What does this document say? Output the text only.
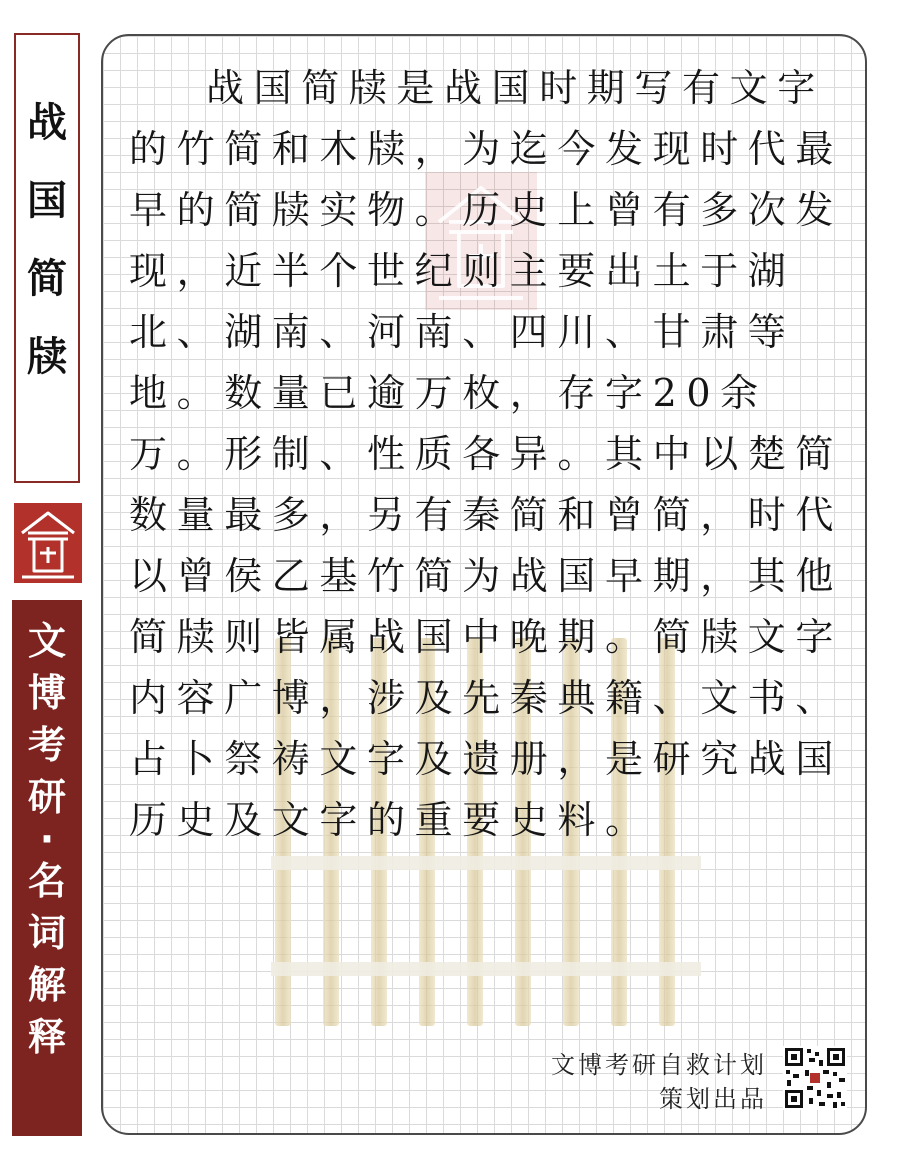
战
国
简
牍
文
博
考
研
·
名
词
解
释

战国简牍是战国时期写有文字的竹简和木牍，为迄今发现时代最早的简牍实物。历史上曾有多次发现，近半个世纪则主要出土于湖北、湖南、河南、四川、甘肃等地。数量已逾万枚，存字20余万。形制、性质各异。其中以楚简数量最多，另有秦简和曾简，时代以曾侯乙基竹简为战国早期，其他简牍则皆属战国中晚期。简牍文字内容广博，涉及先秦典籍、文书、占卜祭祷文字及遗册，是研究战国历史及文字的重要史料。

文博考研自救计划
策划出品
